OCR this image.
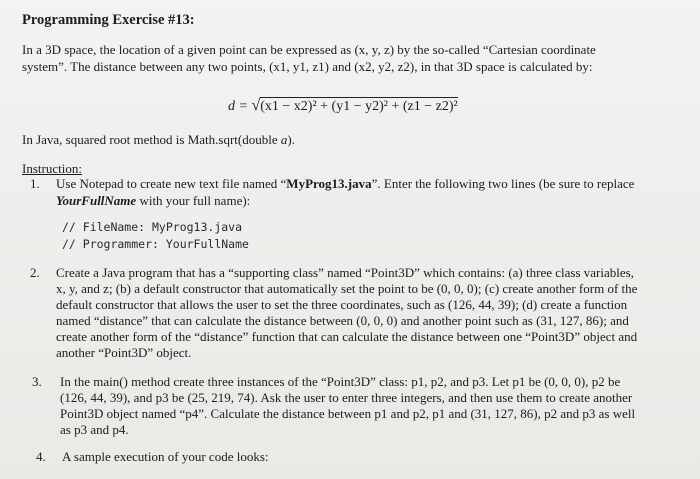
Programming Exercise #13:
In a 3D space, the location of a given point can be expressed as (x, y, z) by the so-called “Cartesian coordinate
system”. The distance between any two points, (x1, y1, z1) and (x2, y2, z2), in that 3D space is calculated by:
d = √(x1 − x2)² + (y1 − y2)² + (z1 − z2)²
In Java, squared root method is Math.sqrt(double a).
Instruction:
1. Use Notepad to create new text file named “MyProg13.java”. Enter the following two lines (be sure to replace
YourFullName with your full name):
// FileName: MyProg13.java
// Programmer: YourFullName
2. Create a Java program that has a “supporting class” named “Point3D” which contains: (a) three class variables,
x, y, and z; (b) a default constructor that automatically set the point to be (0, 0, 0); (c) create another form of the
default constructor that allows the user to set the three coordinates, such as (126, 44, 39); (d) create a function
named “distance” that can calculate the distance between (0, 0, 0) and another point such as (31, 127, 86); and
create another form of the “distance” function that can calculate the distance between one “Point3D” object and
another “Point3D” object.
3. In the main() method create three instances of the “Point3D” class: p1, p2, and p3. Let p1 be (0, 0, 0), p2 be
(126, 44, 39), and p3 be (25, 219, 74). Ask the user to enter three integers, and then use them to create another
Point3D object named “p4”. Calculate the distance between p1 and p2, p1 and (31, 127, 86), p2 and p3 as well
as p3 and p4.
4. A sample execution of your code looks:
